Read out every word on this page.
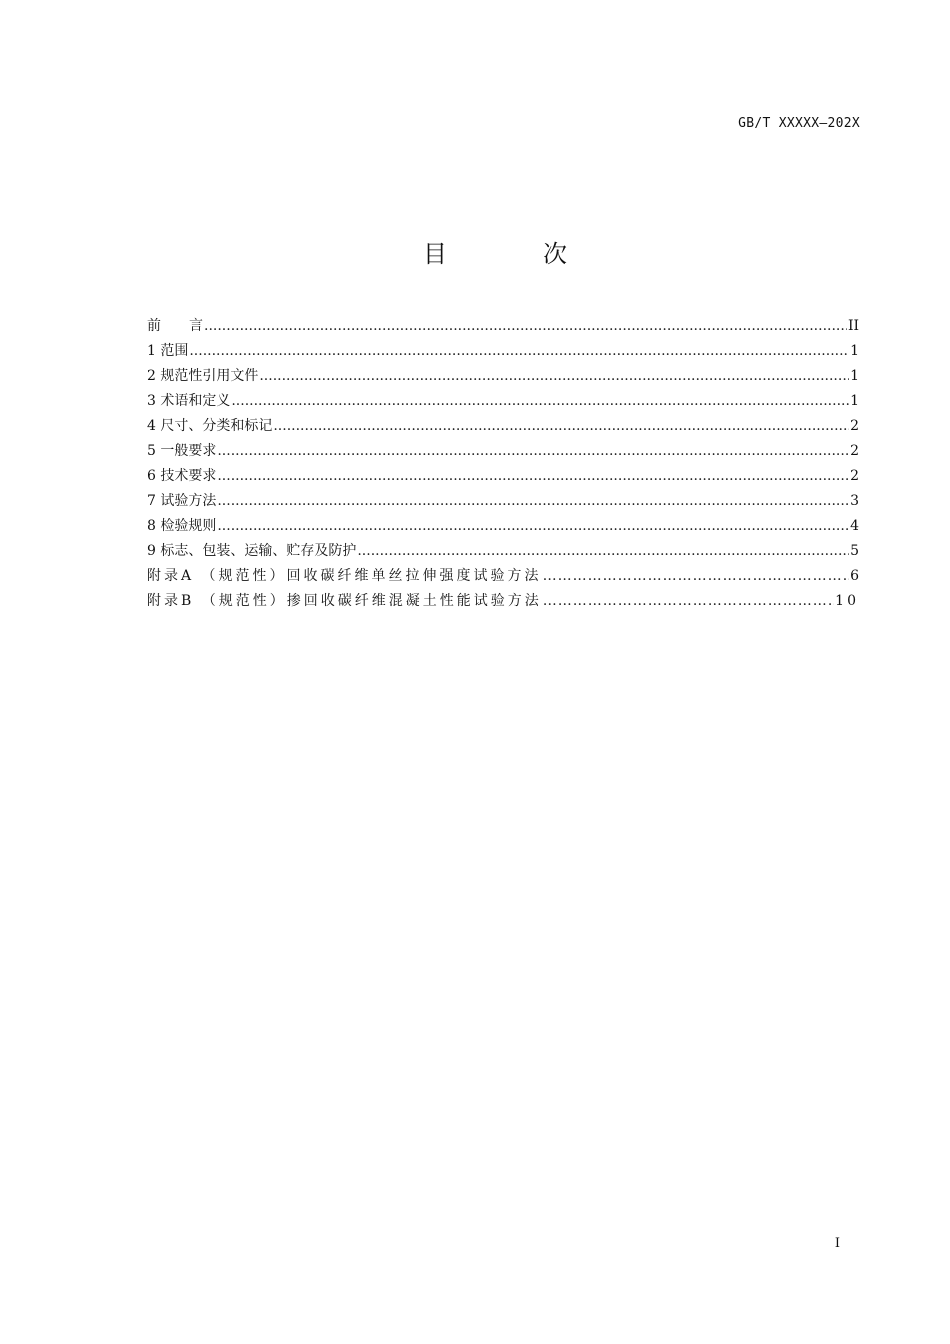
GB/T XXXXX—202X
目	次
前　　言 .....	II
1 范围 .....	1
2 规范性引用文件 .....	1
3 术语和定义 .....	1
4 尺寸、分类和标记 .....	2
5 一般要求 .....	2
6 技术要求 .....	2
7 试验方法 .....	3
8 检验规则 .....	4
9 标志、包装、运输、贮存及防护 .....	5
附录A （规范性）回收碳纤维单丝拉伸强度试验方法 ………………………………………………………………………………………………………………………………………………	6
附录B （规范性）掺回收碳纤维混凝土性能试验方法 ………………………………………………………………………………………………………………………………………………	10
I
